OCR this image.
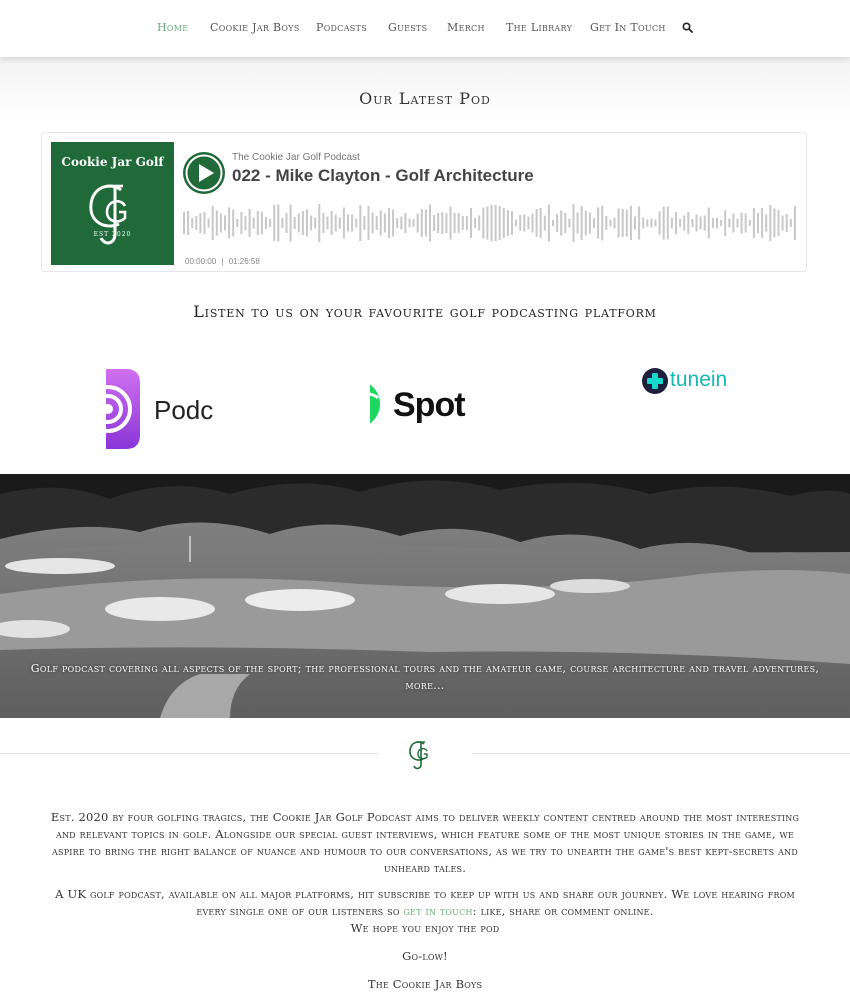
Home Cookie Jar Boys Podcasts Guests Merch The Library Get In Touch
Our Latest Pod
Cookie Jar Golf
EST 2020
The Cookie Jar Golf Podcast
022 - Mike Clayton - Golf Architecture
00:00:00 | 01:26:58
Listen to us on your favourite golf podcasting platform
Podc	Spot
tunein
Golf podcast covering all aspects of the sport; the professional tours and the amateur game, course architecture and travel adventures,
more...

Est. 2020 by four golfing tragics, the Cookie Jar Golf Podcast aims to deliver weekly content centred around the most interesting and relevant topics in golf. Alongside our special guest interviews, which feature some of the most unique stories in the game, we aspire to bring the right balance of nuance and humour to our conversations, as we try to unearth the game's best kept-secrets and unheard tales.

A UK golf podcast, available on all major platforms, hit subscribe to keep up with us and share our journey. We love hearing from every single one of our listeners so get in touch: like, share or comment online.
We hope you enjoy the pod

Go-low!

The Cookie Jar Boys
